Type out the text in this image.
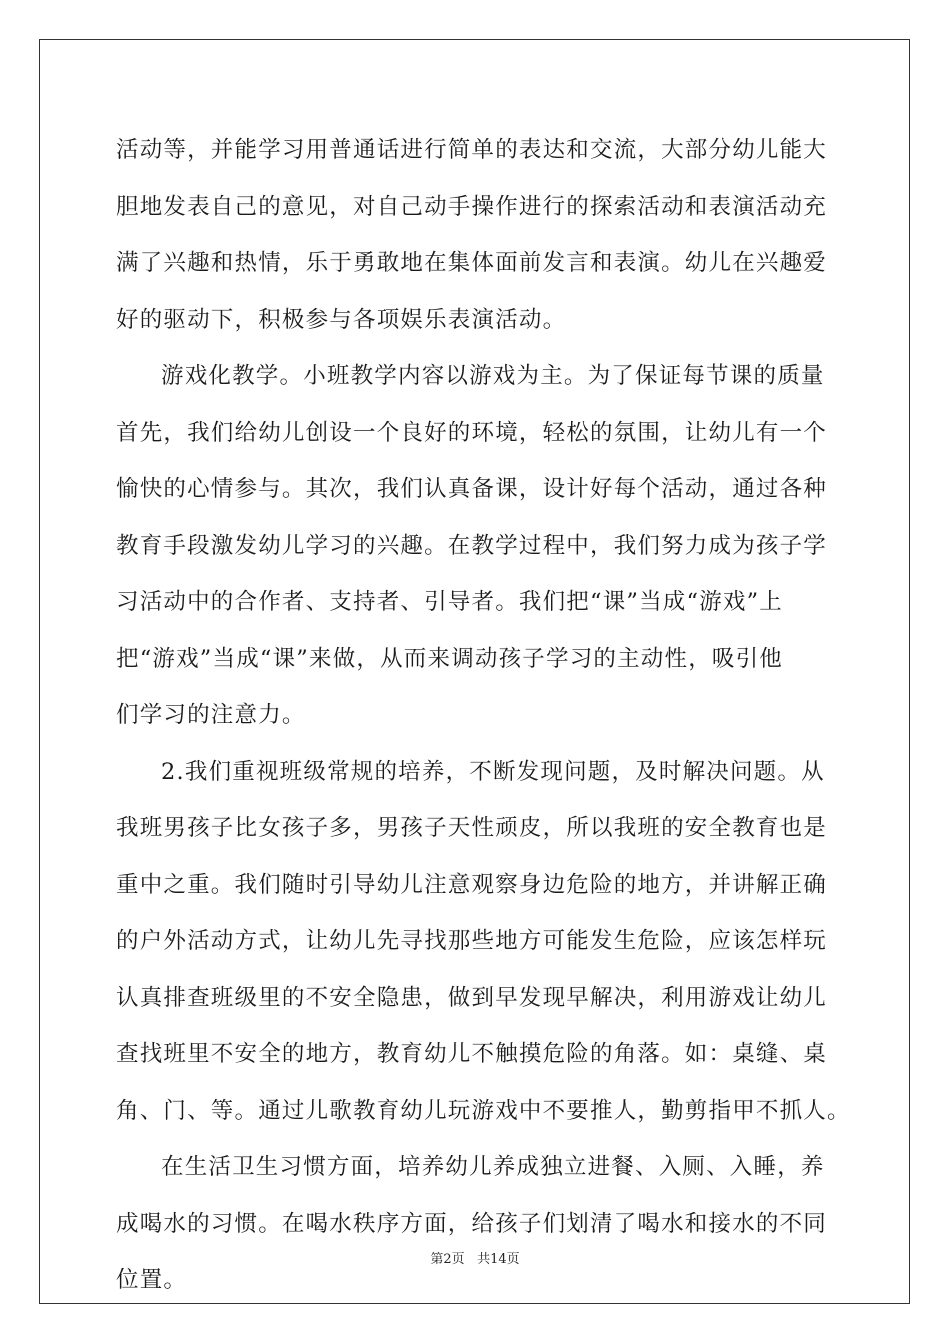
活动等，并能学习用普通话进行简单的表达和交流，大部分幼儿能大
胆地发表自己的意见，对自己动手操作进行的探索活动和表演活动充
满了兴趣和热情，乐于勇敢地在集体面前发言和表演。幼儿在兴趣爱
好的驱动下，积极参与各项娱乐表演活动。
游戏化教学。小班教学内容以游戏为主。为了保证每节课的质量
首先，我们给幼儿创设一个良好的环境，轻松的氛围，让幼儿有一个
愉快的心情参与。其次，我们认真备课，设计好每个活动，通过各种
教育手段激发幼儿学习的兴趣。在教学过程中，我们努力成为孩子学
习活动中的合作者、支持者、引导者。我们把“课”当成“游戏”上
把“游戏”当成“课”来做，从而来调动孩子学习的主动性，吸引他
们学习的注意力。
2.我们重视班级常规的培养，不断发现问题，及时解决问题。从
我班男孩子比女孩子多，男孩子天性顽皮，所以我班的安全教育也是
重中之重。我们随时引导幼儿注意观察身边危险的地方，并讲解正确
的户外活动方式，让幼儿先寻找那些地方可能发生危险，应该怎样玩
认真排查班级里的不安全隐患，做到早发现早解决，利用游戏让幼儿
查找班里不安全的地方，教育幼儿不触摸危险的角落。如：桌缝、桌
角、门、等。通过儿歌教育幼儿玩游戏中不要推人，勤剪指甲不抓人。
在生活卫生习惯方面，培养幼儿养成独立进餐、入厕、入睡，养
成喝水的习惯。在喝水秩序方面，给孩子们划清了喝水和接水的不同
位置。
第2页 共14页
